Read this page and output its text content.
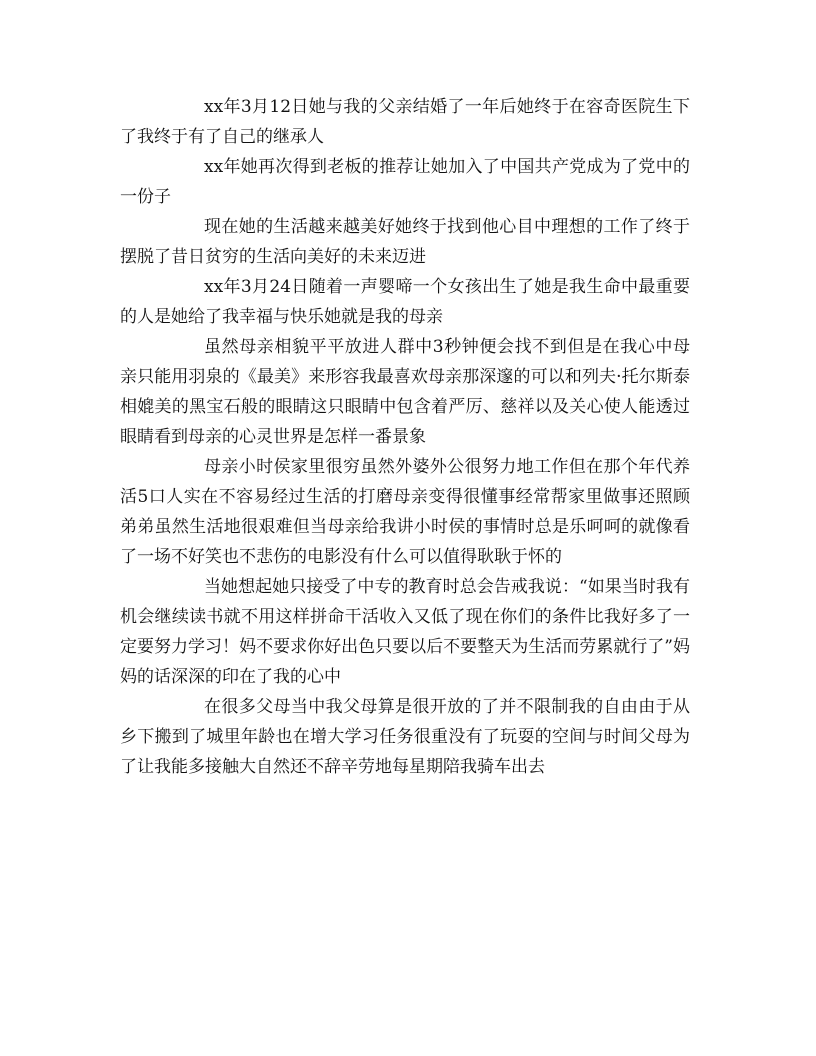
xx年3月12日她与我的父亲结婚了一年后她终于在容奇医院生下了我终于有了自己的继承人

xx年她再次得到老板的推荐让她加入了中国共产党成为了党中的一份子

现在她的生活越来越美好她终于找到他心目中理想的工作了终于摆脱了昔日贫穷的生活向美好的未来迈进

xx年3月24日随着一声婴啼一个女孩出生了她是我生命中最重要的人是她给了我幸福与快乐她就是我的母亲

虽然母亲相貌平平放进人群中3秒钟便会找不到但是在我心中母亲只能用羽泉的《最美》来形容我最喜欢母亲那深邃的可以和列夫·托尔斯泰相媲美的黑宝石般的眼睛这只眼睛中包含着严厉、慈祥以及关心使人能透过眼睛看到母亲的心灵世界是怎样一番景象

母亲小时侯家里很穷虽然外婆外公很努力地工作但在那个年代养活5口人实在不容易经过生活的打磨母亲变得很懂事经常帮家里做事还照顾弟弟虽然生活地很艰难但当母亲给我讲小时侯的事情时总是乐呵呵的就像看了一场不好笑也不悲伤的电影没有什么可以值得耿耿于怀的

当她想起她只接受了中专的教育时总会告戒我说：“如果当时我有机会继续读书就不用这样拼命干活收入又低了现在你们的条件比我好多了一定要努力学习！妈不要求你好出色只要以后不要整天为生活而劳累就行了”妈妈的话深深的印在了我的心中

在很多父母当中我父母算是很开放的了并不限制我的自由由于从乡下搬到了城里年龄也在增大学习任务很重没有了玩耍的空间与时间父母为了让我能多接触大自然还不辞辛劳地每星期陪我骑车出去
